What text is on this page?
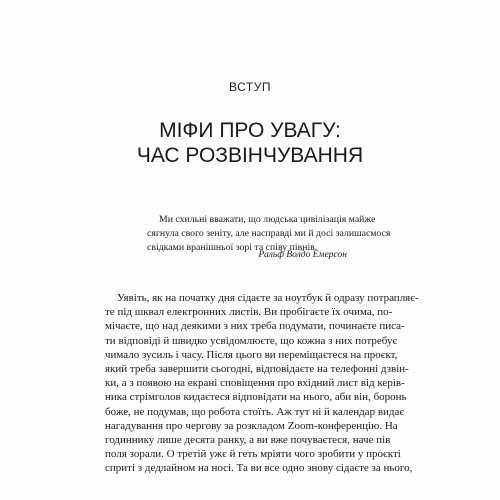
ВСТУП
МІФИ ПРО УВАГУ:
ЧАС РОЗВІНЧУВАННЯ
Ми схильні вважати, що людська цивілізація майже
сягнула свого зеніту, але насправді ми й досі залишаємося
свідками вранішньої зорі та співу півнів.
Ральф Волдо Емерсон
Уявіть, як на початку дня сідаєте за ноутбук й одразу потрапляє-
те під шквал електронних листів. Ви пробігаєте їх очима, по-
мічаєте, що над деякими з них треба подумати, починаєте писа-
ти відповіді й швидко усвідомлюєте, що кожна з них потребує
чимало зусиль і часу. Після цього ви переміщаєтеся на проєкт,
який треба завершити сьогодні, відповідаєте на телефонні дзвін-
ки, а з появою на екрані сповіщення про вхідний лист від керів-
ника стрімголов кидаєтеся відповідати на нього, аби він, боронь
боже, не подумав, що робота стоїть. Аж тут ні й календар видає
нагадування про чергову за розкладом Zoom-конференцію. На
годиннику лише десята ранку, а ви вже почуваєтеся, наче пів
поля зорали. О третій ужє й геть мріяти чого зробити у проєкті
сприті з дедлайном на носі. Та ви все одно знову сідаєте за нього,
